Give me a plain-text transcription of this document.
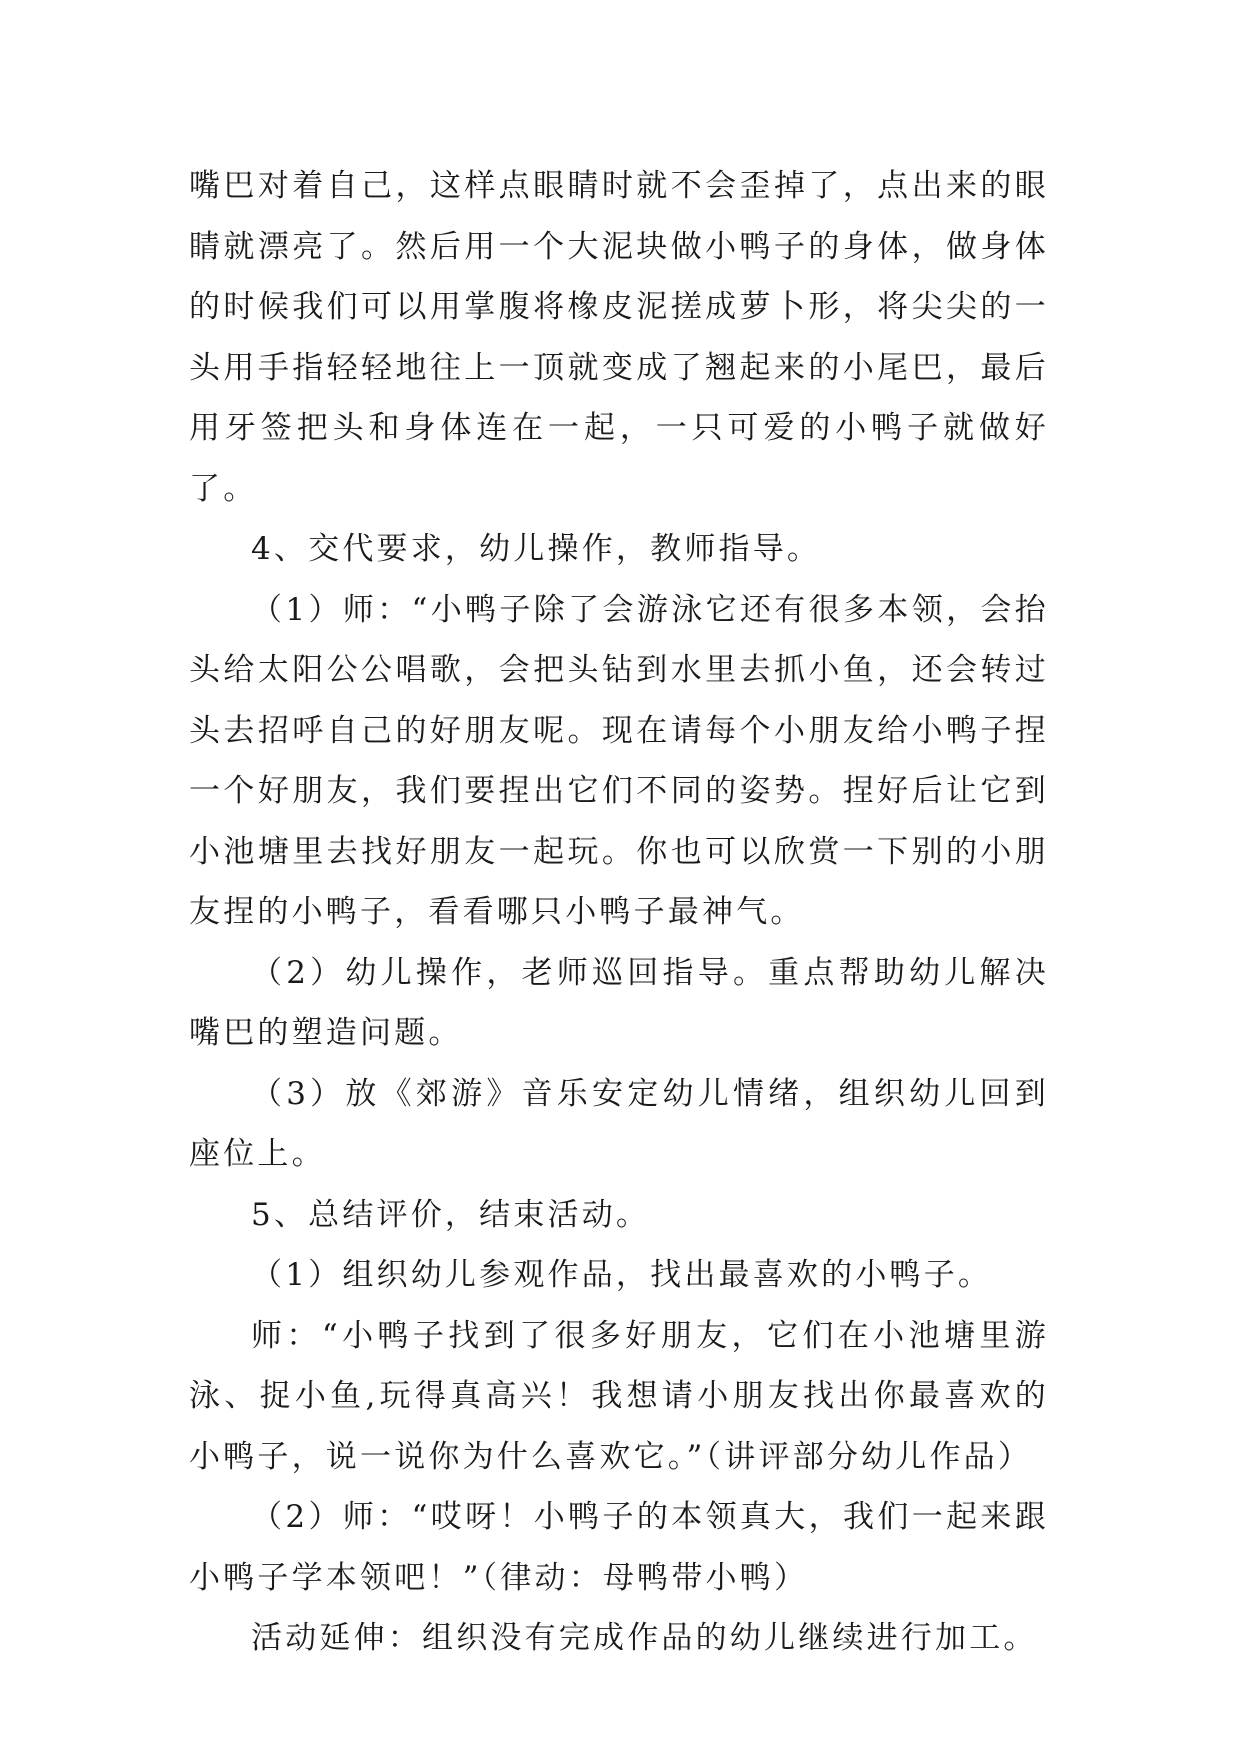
嘴巴对着自己，这样点眼睛时就不会歪掉了，点出来的眼睛就漂亮了。然后用一个大泥块做小鸭子的身体，做身体的时候我们可以用掌腹将橡皮泥搓成萝卜形，将尖尖的一头用手指轻轻地往上一顶就变成了翘起来的小尾巴，最后用牙签把头和身体连在一起，一只可爱的小鸭子就做好了。

4、交代要求，幼儿操作，教师指导。

（1）师：“小鸭子除了会游泳它还有很多本领，会抬头给太阳公公唱歌，会把头钻到水里去抓小鱼，还会转过头去招呼自己的好朋友呢。现在请每个小朋友给小鸭子捏一个好朋友，我们要捏出它们不同的姿势。捏好后让它到小池塘里去找好朋友一起玩。你也可以欣赏一下别的小朋友捏的小鸭子，看看哪只小鸭子最神气。

（2）幼儿操作，老师巡回指导。重点帮助幼儿解决嘴巴的塑造问题。

（3）放《郊游》音乐安定幼儿情绪，组织幼儿回到座位上。

5、总结评价，结束活动。

（1）组织幼儿参观作品，找出最喜欢的小鸭子。

师：“小鸭子找到了很多好朋友，它们在小池塘里游泳、捉小鱼,玩得真高兴！我想请小朋友找出你最喜欢的小鸭子，说一说你为什么喜欢它。”（讲评部分幼儿作品）

（2）师：“哎呀！小鸭子的本领真大，我们一起来跟小鸭子学本领吧！”（律动：母鸭带小鸭）

活动延伸：组织没有完成作品的幼儿继续进行加工。
